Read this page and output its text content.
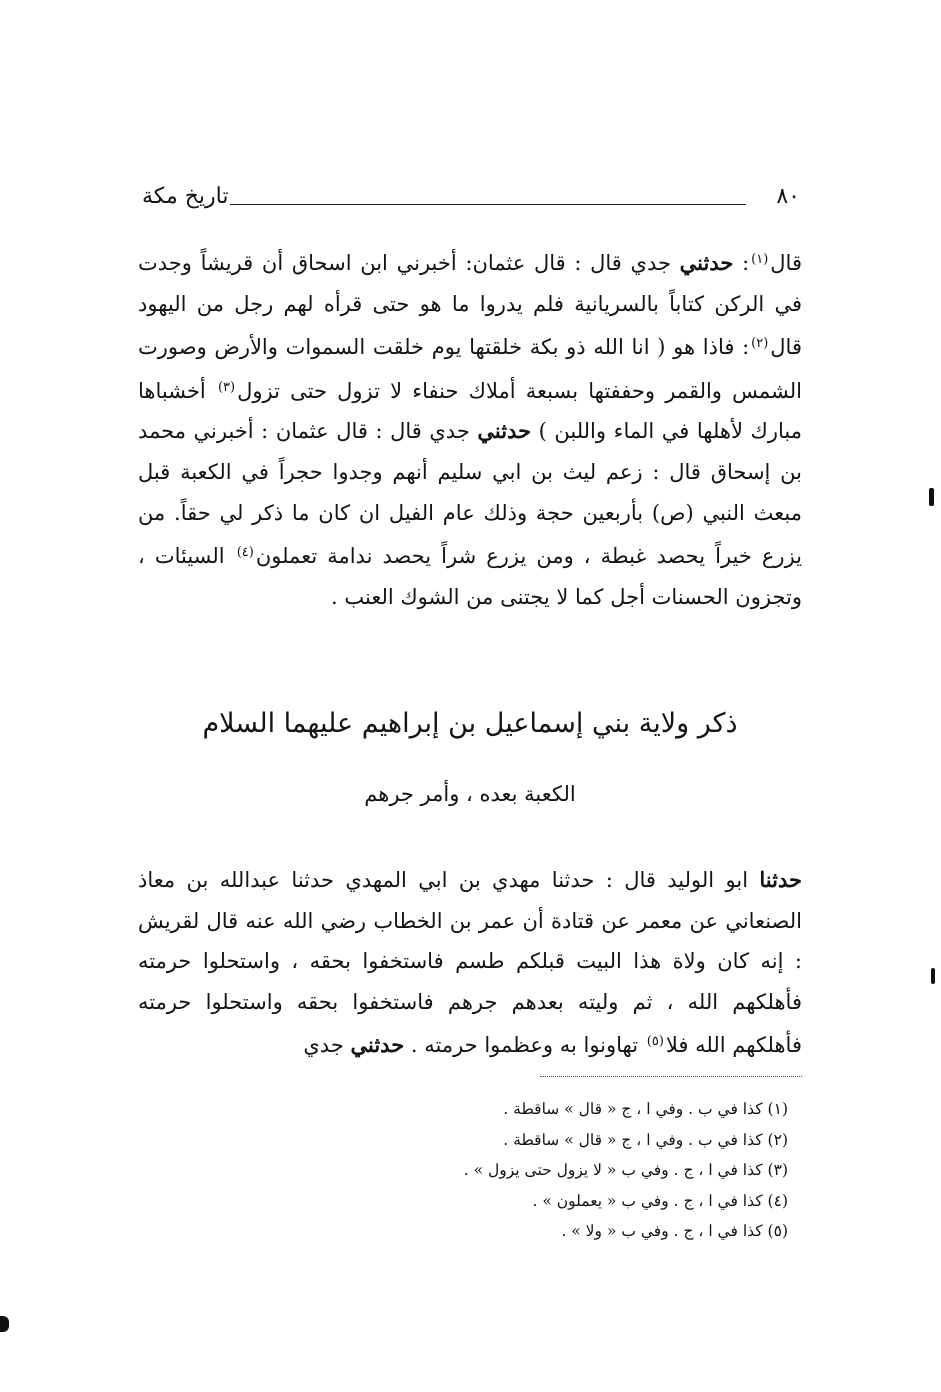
٨٠
تاريخ مكة

قال$^{(١)}$: حدثني جدي قال : قال عثمان: أخبرني ابن اسحاق أن قريشاً وجدت في الركن كتاباً بالسريانية فلم يدروا ما هو حتى قرأه لهم رجل من اليهود قال$^{(٢)}$: فاذا هو ( انا الله ذو بكة خلقتها يوم خلقت السموات والأرض وصورت الشمس والقمر وحففتها بسبعة أملاك حنفاء لا تزول حتى تزول$^{(٣)}$ أخشباها مبارك لأهلها في الماء واللبن ) حدثني جدي قال : قال عثمان : أخبرني محمد بن إسحاق قال : زعم ليث بن ابي سليم أنهم وجدوا حجراً في الكعبة قبل مبعث النبي (ص) بأربعين حجة وذلك عام الفيل ان كان ما ذكر لي حقاً. من يزرع خيراً يحصد غبطة ، ومن يزرع شراً يحصد ندامة تعملون$^{(٤)}$ السيئات ، وتجزون الحسنات أجل كما لا يجتنى من الشوك العنب .

ذكر ولاية بني إسماعيل بن إبراهيم عليهما السلام
الكعبة بعده ، وأمر جرهم

حدثنا ابو الوليد قال : حدثنا مهدي بن ابي المهدي حدثنا عبدالله بن معاذ الصنعاني عن معمر عن قتادة أن عمر بن الخطاب رضي الله عنه قال لقريش : إنه كان ولاة هذا البيت قبلكم طسم فاستخفوا بحقه ، واستحلوا حرمته فأهلكهم الله ، ثم وليته بعدهم جرهم فاستخفوا بحقه واستحلوا حرمته فأهلكهم الله فلا$^{(٥)}$ تهاونوا به وعظموا حرمته . حدثني جدي

(١) كذا في ب . وفي ا ، ج « قال » ساقطة .
(٢) كذا في ب . وفي ا ، ج « قال » ساقطة .
(٣) كذا في ا ، ج . وفي ب « لا يزول حتى يزول » .
(٤) كذا في ا ، ج . وفي ب « يعملون » .
(٥) كذا في ا ، ج . وفي ب « ولا » .
